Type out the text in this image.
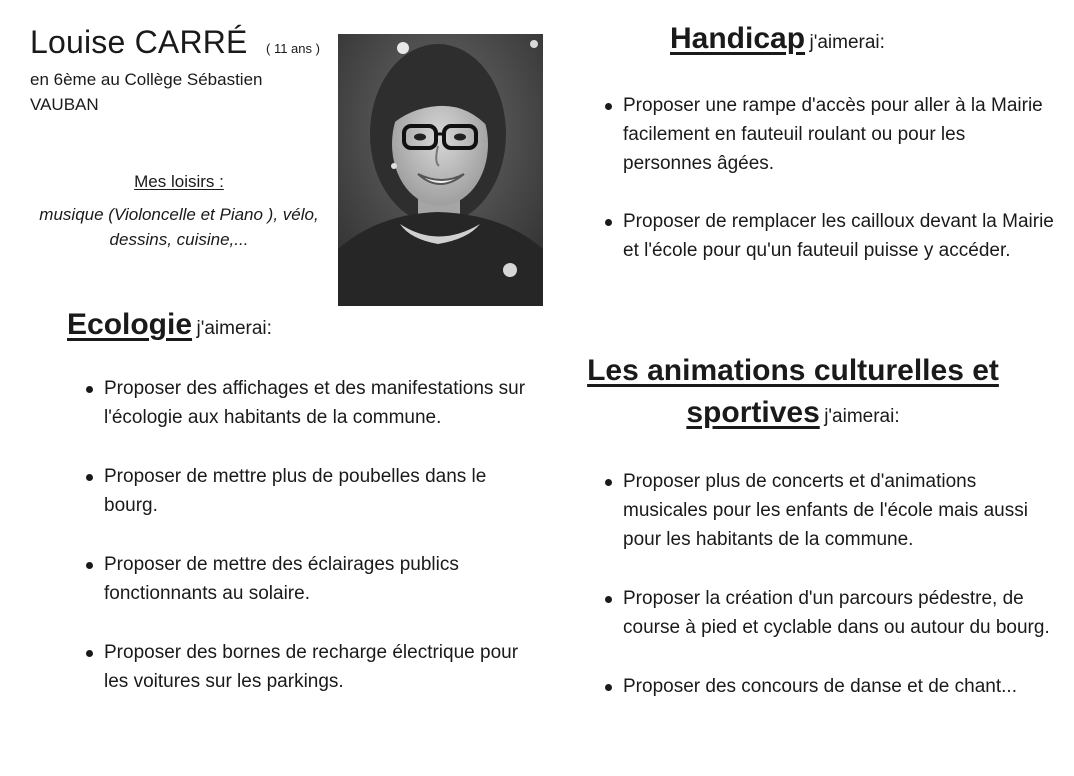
Louise CARRÉ ( 11 ans )
en 6ème au Collège Sébastien VAUBAN
Mes loisirs :
musique (Violoncelle et Piano ), vélo, dessins, cuisine,...
Ecologie j'aimerai:
Proposer des affichages et des manifestations sur l'écologie aux habitants de la commune.
Proposer de mettre plus de poubelles dans le bourg.
Proposer de mettre des éclairages publics fonctionnants au solaire.
Proposer des bornes de recharge électrique pour les voitures sur les parkings.
Handicap j'aimerai:
Proposer une rampe d'accès pour aller à la Mairie facilement en fauteuil roulant ou pour les personnes âgées.
Proposer de remplacer les cailloux devant la Mairie et l'école pour qu'un fauteuil puisse y accéder.
Les animations culturelles et
sportives j'aimerai:
Proposer plus de concerts et d'animations musicales pour les enfants de l'école mais aussi pour les habitants de la commune.
Proposer la création d'un parcours pédestre, de course à pied et cyclable dans ou autour du bourg.
Proposer des concours de danse et de chant...
